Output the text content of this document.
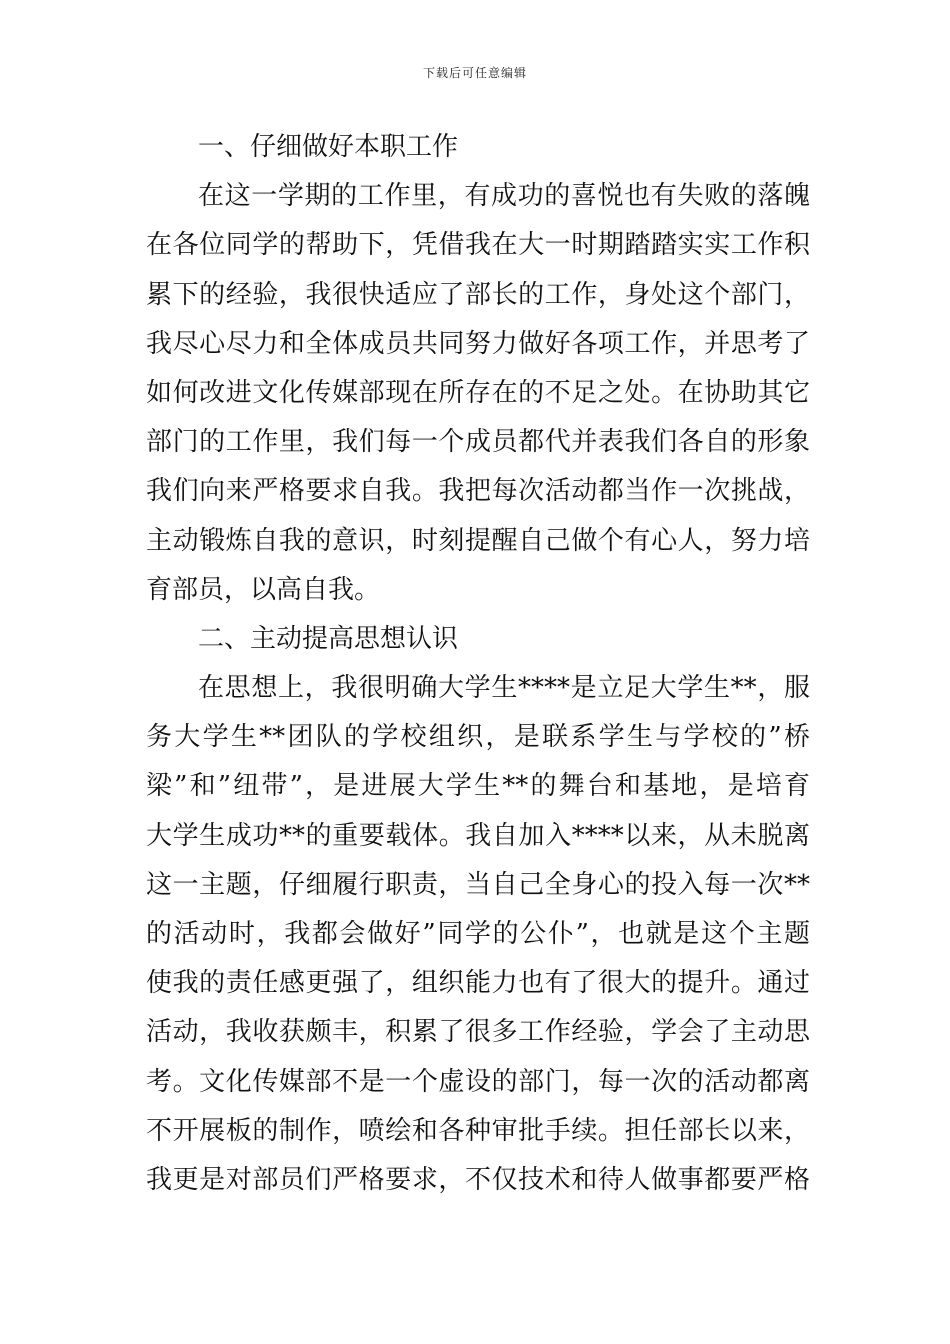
下载后可任意编辑
一、仔细做好本职工作
在这一学期的工作里，有成功的喜悦也有失败的落魄
在各位同学的帮助下，凭借我在大一时期踏踏实实工作积
累下的经验，我很快适应了部长的工作，身处这个部门，
我尽心尽力和全体成员共同努力做好各项工作，并思考了
如何改进文化传媒部现在所存在的不足之处。在协助其它
部门的工作里，我们每一个成员都代并表我们各自的形象
我们向来严格要求自我。我把每次活动都当作一次挑战，
主动锻炼自我的意识，时刻提醒自己做个有心人，努力培
育部员，以高自我。
二、主动提高思想认识
在思想上，我很明确大学生****是立足大学生**，服
务大学生**团队的学校组织，是联系学生与学校的”桥
梁”和”纽带”，是进展大学生**的舞台和基地，是培育
大学生成功**的重要载体。我自加入****以来，从未脱离
这一主题，仔细履行职责，当自己全身心的投入每一次**
的活动时，我都会做好”同学的公仆”，也就是这个主题
使我的责任感更强了，组织能力也有了很大的提升。通过
活动，我收获颇丰，积累了很多工作经验，学会了主动思
考。文化传媒部不是一个虚设的部门，每一次的活动都离
不开展板的制作，喷绘和各种审批手续。担任部长以来，
我更是对部员们严格要求，不仅技术和待人做事都要严格
